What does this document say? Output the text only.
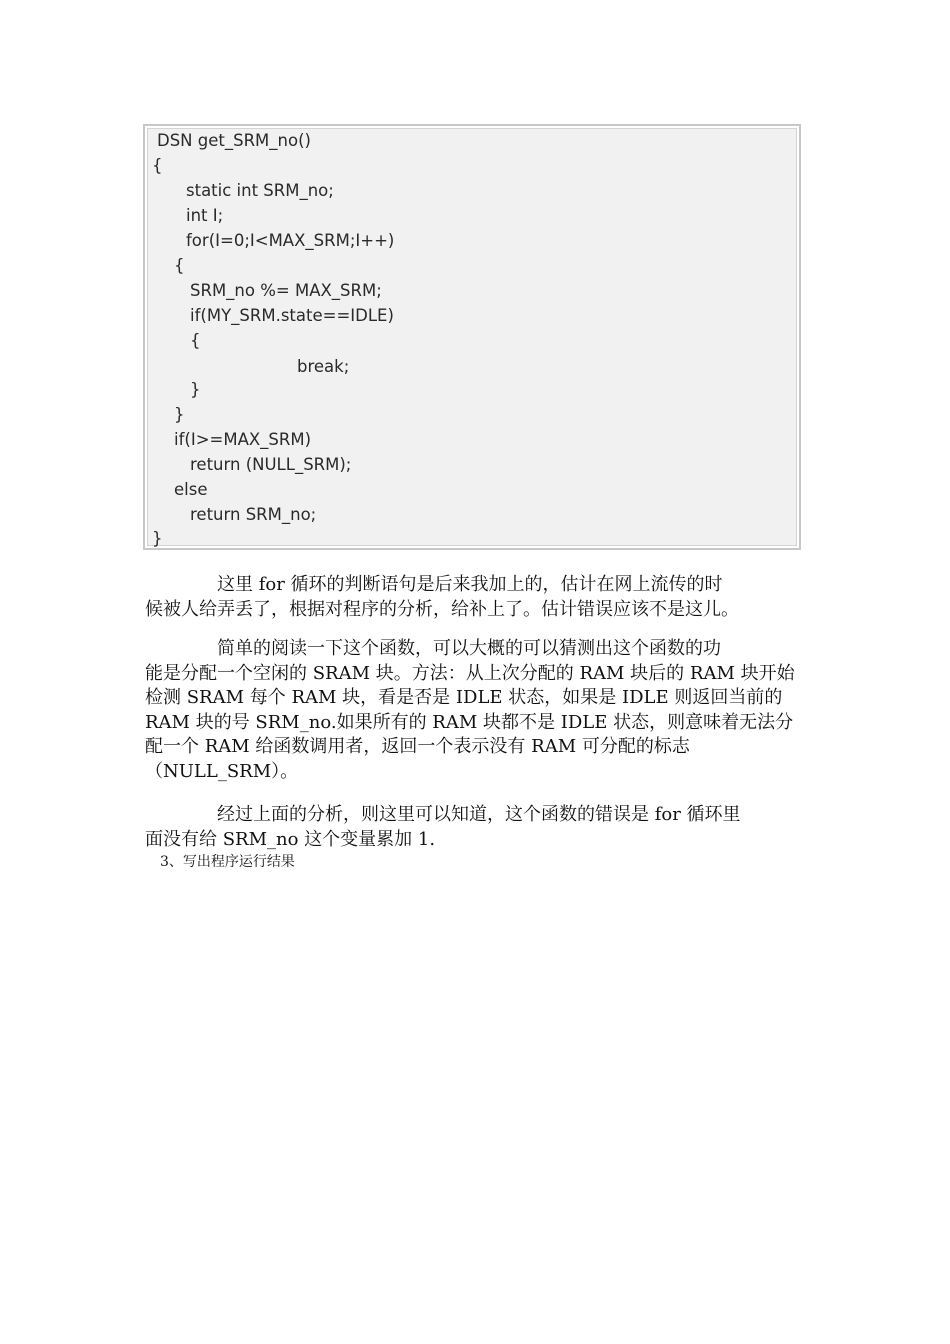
DSN get_SRM_no()
{
static int SRM_no;
int I;
for(I=0;I<MAX_SRM;I++)
{
SRM_no %= MAX_SRM;
if(MY_SRM.state==IDLE)
{
break;
}
}
if(I>=MAX_SRM)
return (NULL_SRM);
else
return SRM_no;
}
这里 for 循环的判断语句是后来我加上的，估计在网上流传的时
候被人给弄丢了，根据对程序的分析，给补上了。估计错误应该不是这儿。
简单的阅读一下这个函数，可以大概的可以猜测出这个函数的功
能是分配一个空闲的 SRAM 块。方法：从上次分配的 RAM 块后的 RAM 块开始
检测 SRAM 每个 RAM 块，看是否是 IDLE 状态，如果是 IDLE 则返回当前的
RAM 块的号 SRM_no.如果所有的 RAM 块都不是 IDLE 状态，则意味着无法分
配一个 RAM 给函数调用者，返回一个表示没有 RAM 可分配的标志
（NULL_SRM）。
经过上面的分析，则这里可以知道，这个函数的错误是 for 循环里
面没有给 SRM_no 这个变量累加 1.
3、写出程序运行结果
